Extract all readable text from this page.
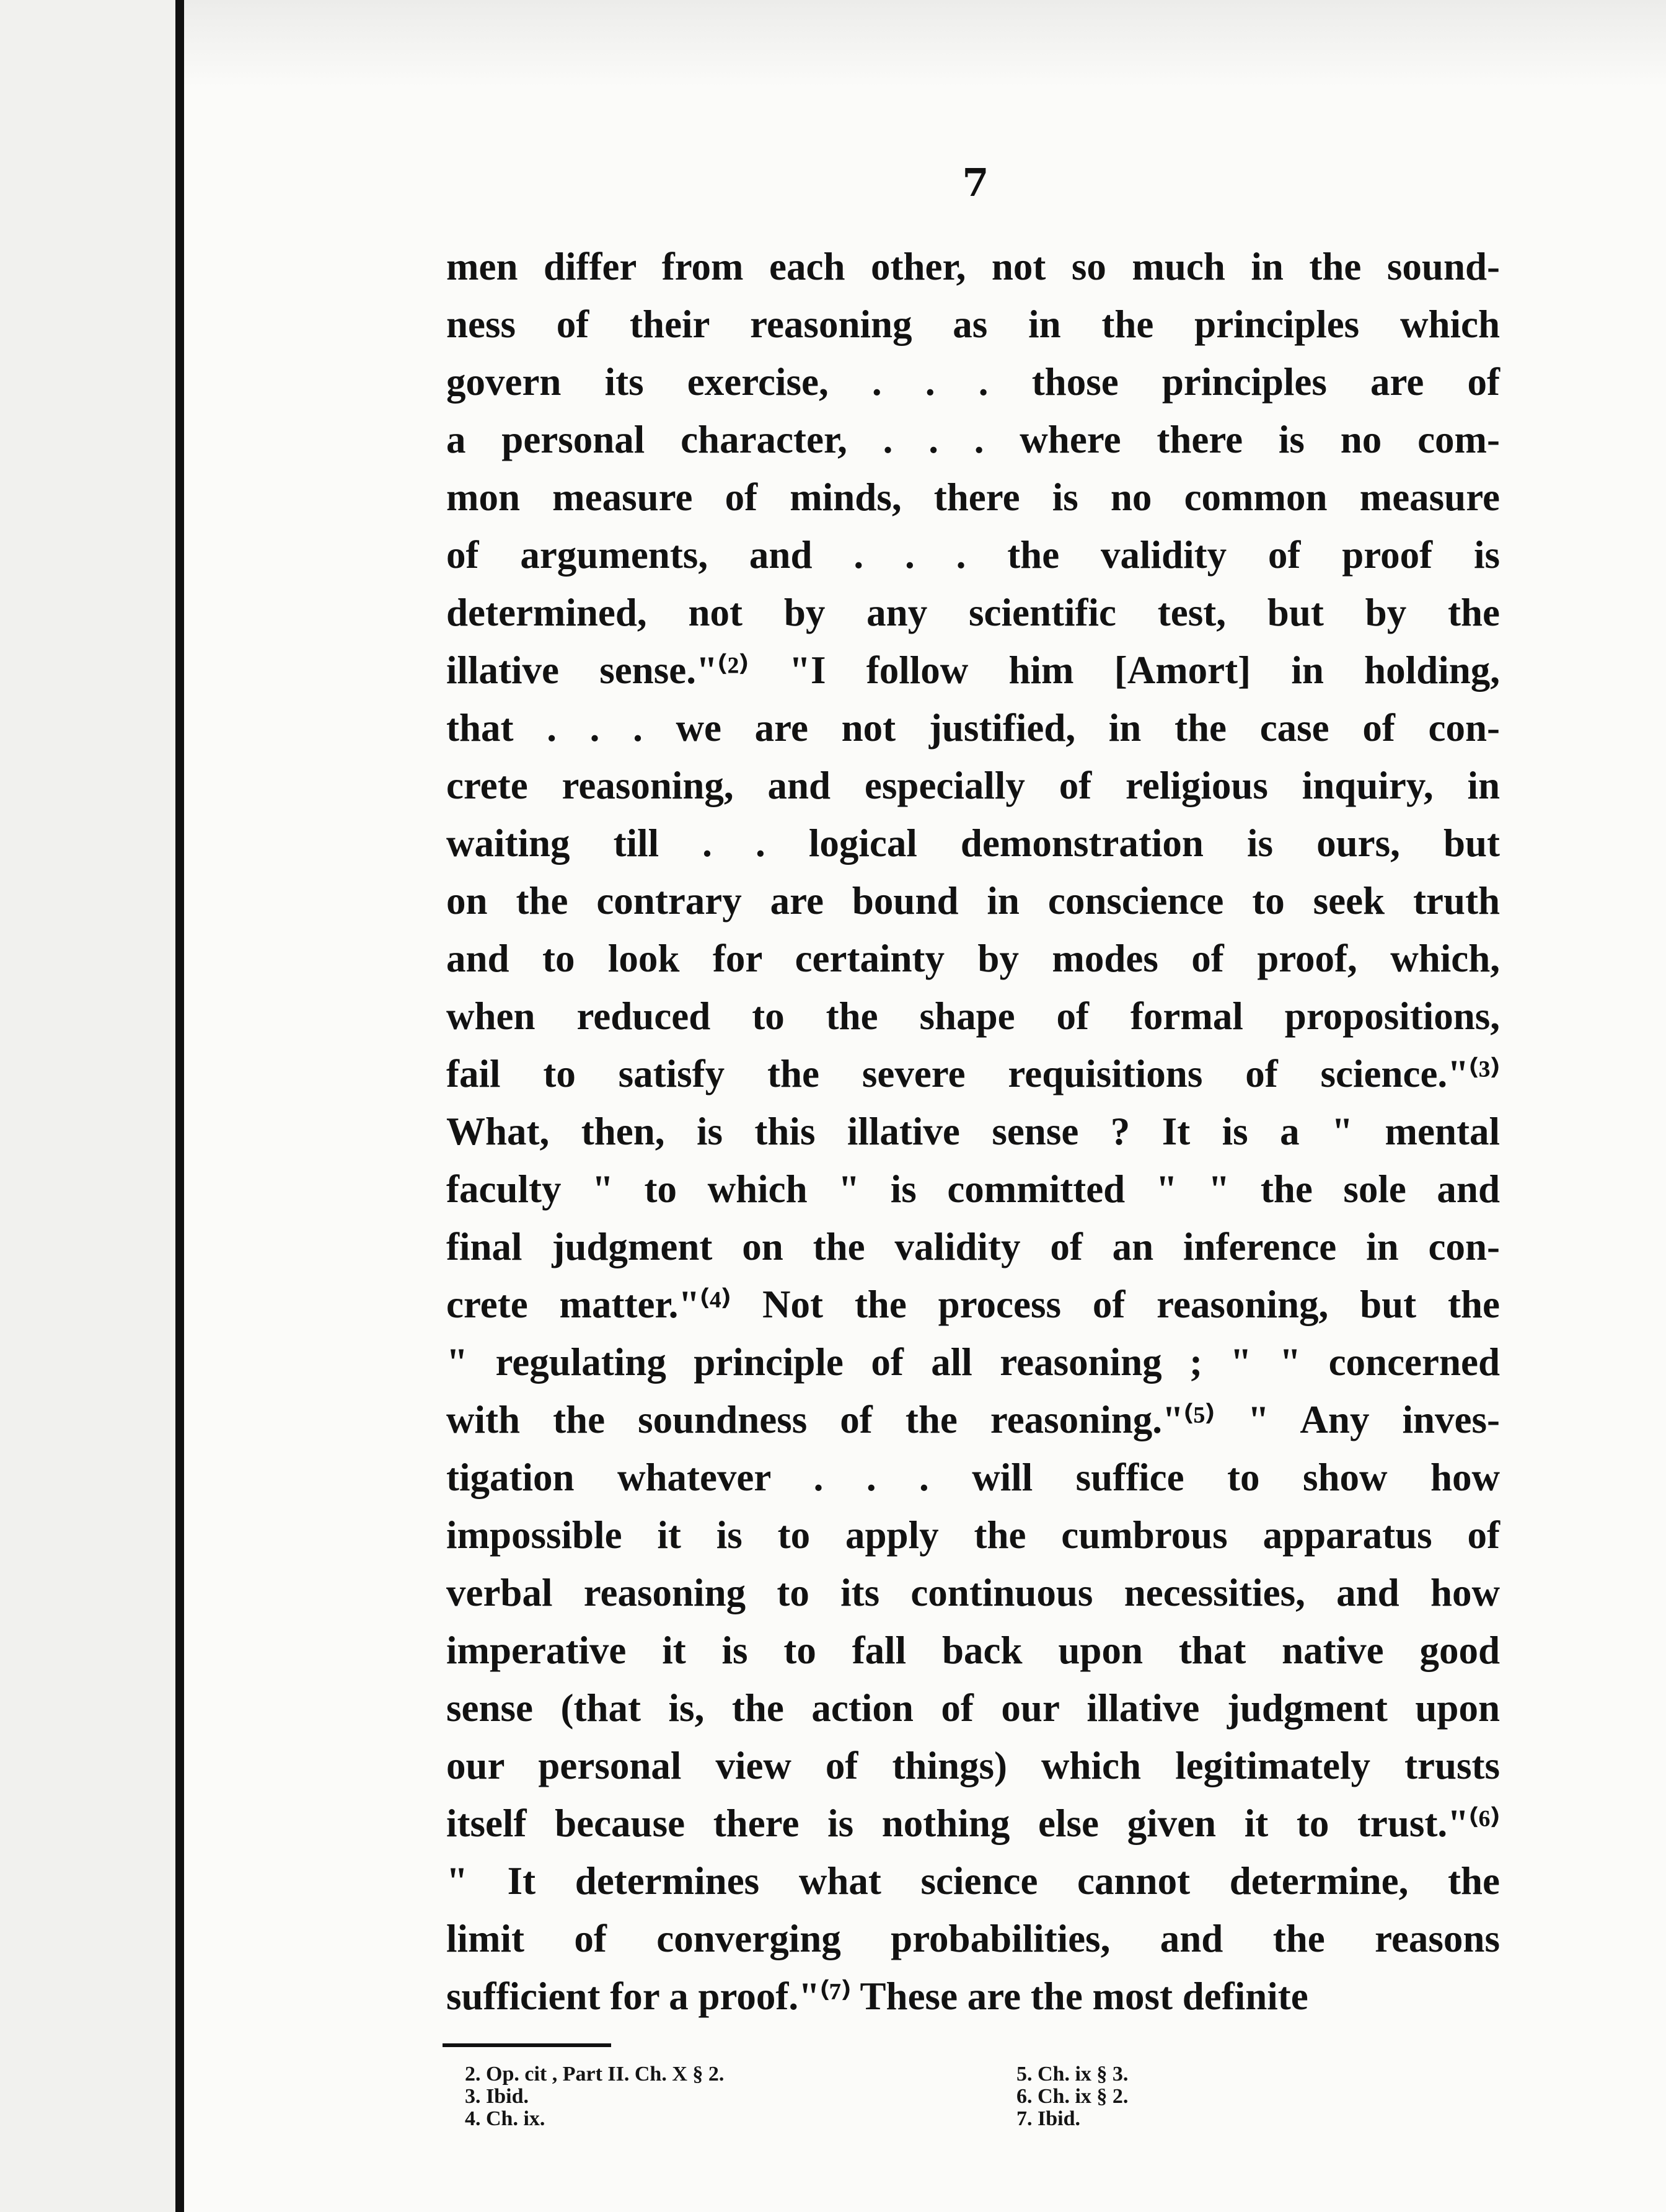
7
men differ from each other, not so much in the sound-
ness of their reasoning as in the principles which
govern its exercise, . . . those principles are of
a personal character, . . . where there is no com-
mon measure of minds, there is no common measure
of arguments, and . . . the validity of proof is
determined, not by any scientific test, but by the
illative sense."⁽²⁾ "I follow him [Amort] in holding,
that . . . we are not justified, in the case of con-
crete reasoning, and especially of religious inquiry, in
waiting till . . logical demonstration is ours, but
on the contrary are bound in conscience to seek truth
and to look for certainty by modes of proof, which,
when reduced to the shape of formal propositions,
fail to satisfy the severe requisitions of science."⁽³⁾
What, then, is this illative sense ? It is a " mental
faculty " to which " is committed " " the sole and
final judgment on the validity of an inference in con-
crete matter."⁽⁴⁾ Not the process of reasoning, but the
" regulating principle of all reasoning ; " " concerned
with the soundness of the reasoning."⁽⁵⁾ " Any inves-
tigation whatever . . . will suffice to show how
impossible it is to apply the cumbrous apparatus of
verbal reasoning to its continuous necessities, and how
imperative it is to fall back upon that native good
sense (that is, the action of our illative judgment upon
our personal view of things) which legitimately trusts
itself because there is nothing else given it to trust."⁽⁶⁾
" It determines what science cannot determine, the
limit of converging probabilities, and the reasons
sufficient for a proof."⁽⁷⁾ These are the most definite
2. Op. cit , Part II. Ch. X § 2.
3. Ibid.
4. Ch. ix.
5. Ch. ix § 3.
6. Ch. ix § 2.
7. Ibid.
